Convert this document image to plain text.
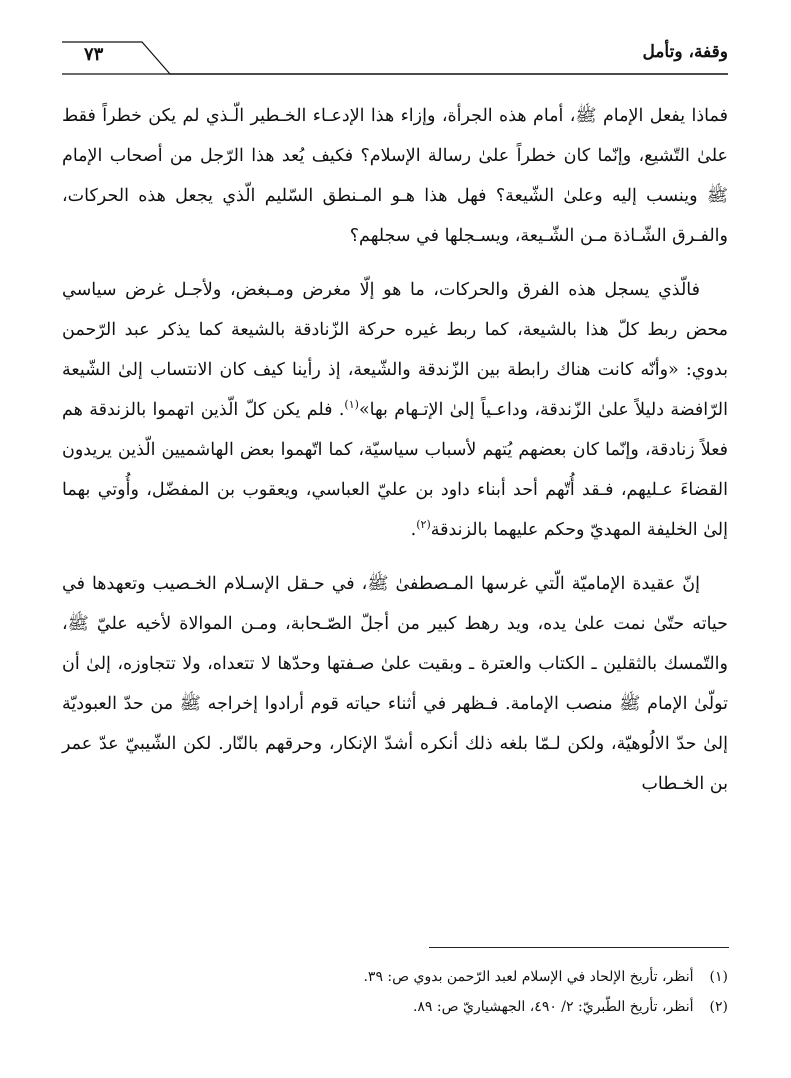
وقفة، وتأمل
٧٣

فماذا يفعل الإمام ﷺ، أمام هذه الجرأة، وإزاء هذا الإدعـاء الخـطير الّـذي لم يكن خطراً فقط علىٰ التّشيع، وإنّما كان خطراً علىٰ رسالة الإسلام؟ فكيف يُعد هذا الرّجل من أصحاب الإمام ﷺ وينسب إليه وعلىٰ الشّيعة؟ فهل هذا هـو المـنطق السّليم الّذي يجعل هذه الحركات، والفـرق الشّـاذة مـن الشّـيعة، ويسـجلها في سجلهم؟

فالّذي يسجل هذه الفرق والحركات، ما هو إلّا مغرض ومـبغض، ولأجـل غرض سياسي محض ربط كلّ هذا بالشيعة، كما ربط غيره حركة الزّنادقة بالشيعة كما يذكر عبد الرّحمن بدوي: «وأنّه كانت هناك رابطة بين الزّندقة والشّيعة، إذ رأينا كيف كان الانتساب إلىٰ الشّيعة الرّافضة دليلاً علىٰ الزّندقة، وداعـياً إلىٰ الإتـهام بها»$^{(١)}$. فلم يكن كلّ الّذين اتهموا بالزندقة هم فعلاً زنادقة، وإنّما كان بعضهم يُتهم لأسباب سياسيّة، كما اتّهموا بعض الهاشميين الّذين يريدون القضاءَ عـليهم، فـقد أُتّهم أحد أبناء داود بن عليّ العباسي، ويعقوب بن المفضّل، وأُوتي بهما إلىٰ الخليفة المهديّ وحكم عليهما بالزندقة$^{(٢)}$.

إنّ عقيدة الإماميّة الّتي غرسها المـصطفىٰ ﷺ، في حـقل الإسـلام الخـصيب وتعهدها في حياته حتّىٰ نمت علىٰ يده، ويد رهط كبير من أجلّ الصّـحابة، ومـن الموالاة لأخيه عليّ ﷺ، والتّمسك بالثقلين ـ الكتاب والعترة ـ وبقيت علىٰ صـفتها وحدّها لا تتعداه، ولا تتجاوزه، إلىٰ أن تولّىٰ الإمام ﷺ منصب الإمامة. فـظهر في أثناء حياته قوم أرادوا إخراجه ﷺ من حدّ العبوديّة إلىٰ حدّ الالُوهيّة، ولكن لـمّا بلغه ذلك أنكره أشدّ الإنكار، وحرقهم بالنّار. لكن الشّيبيّ عدّ عمر بن الخـطاب

(١) أنظر، تأريخ الإلحاد في الإسلام لعبد الرّحمن بدوي ص: ٣٩.

(٢) أنظر، تأريخ الطّبريّ: ٢/ ٤٩٠، الجهشياريّ ص: ٨٩.
